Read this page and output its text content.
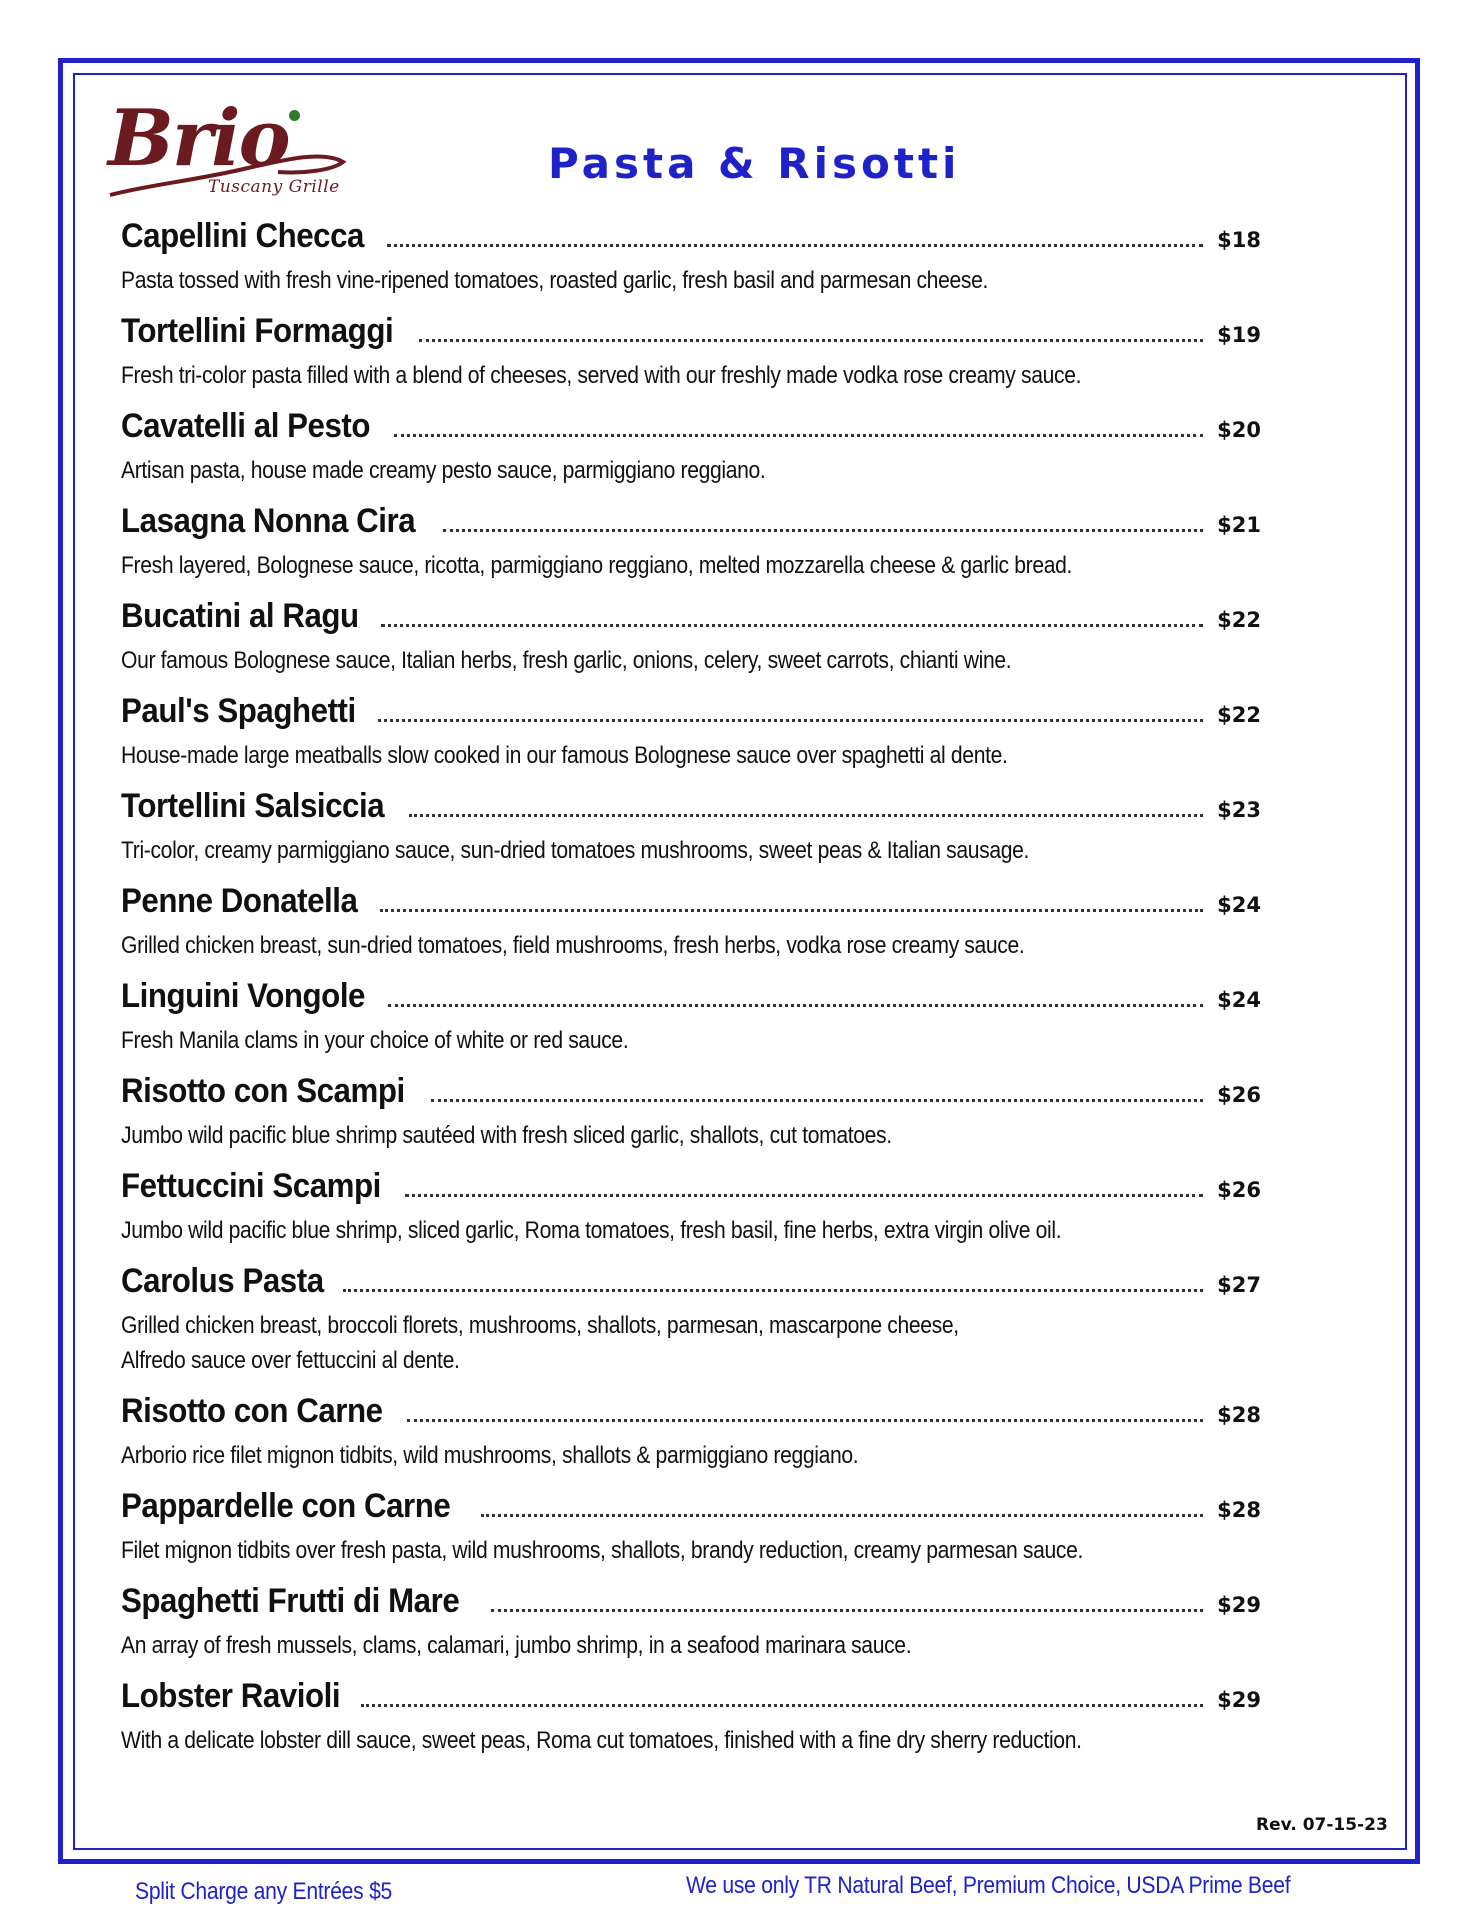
Brio
Tuscany Grille	Pasta & Risotti
Capellini Checca	$18
Pasta tossed with fresh vine-ripened tomatoes, roasted garlic, fresh basil and parmesan cheese.
Tortellini Formaggi	$19
Fresh tri-color pasta filled with a blend of cheeses, served with our freshly made vodka rose creamy sauce.
Cavatelli al Pesto	$20
Artisan pasta, house made creamy pesto sauce, parmiggiano reggiano.
Lasagna Nonna Cira	$21
Fresh layered, Bolognese sauce, ricotta, parmiggiano reggiano, melted mozzarella cheese & garlic bread.
Bucatini al Ragu	$22
Our famous Bolognese sauce, Italian herbs, fresh garlic, onions, celery, sweet carrots, chianti wine.
Paul's Spaghetti	$22
House-made large meatballs slow cooked in our famous Bolognese sauce over spaghetti al dente.
Tortellini Salsiccia	$23
Tri-color, creamy parmiggiano sauce, sun-dried tomatoes mushrooms, sweet peas & Italian sausage.
Penne Donatella	$24
Grilled chicken breast, sun-dried tomatoes, field mushrooms, fresh herbs, vodka rose creamy sauce.
Linguini Vongole	$24
Fresh Manila clams in your choice of white or red sauce.
Risotto con Scampi	$26
Jumbo wild pacific blue shrimp sautéed with fresh sliced garlic, shallots, cut tomatoes.
Fettuccini Scampi	$26
Jumbo wild pacific blue shrimp, sliced garlic, Roma tomatoes, fresh basil, fine herbs, extra virgin olive oil.
Carolus Pasta	$27
Grilled chicken breast, broccoli florets, mushrooms, shallots, parmesan, mascarpone cheese,
Alfredo sauce over fettuccini al dente.
Risotto con Carne	$28
Arborio rice filet mignon tidbits, wild mushrooms, shallots & parmiggiano reggiano.
Pappardelle con Carne	$28
Filet mignon tidbits over fresh pasta, wild mushrooms, shallots, brandy reduction, creamy parmesan sauce.
Spaghetti Frutti di Mare	$29
An array of fresh mussels, clams, calamari, jumbo shrimp, in a seafood marinara sauce.
Lobster Ravioli	$29
With a delicate lobster dill sauce, sweet peas, Roma cut tomatoes, finished with a fine dry sherry reduction.
Rev. 07-15-23
Split Charge any Entrées $5	We use only TR Natural Beef, Premium Choice, USDA Prime Beef
